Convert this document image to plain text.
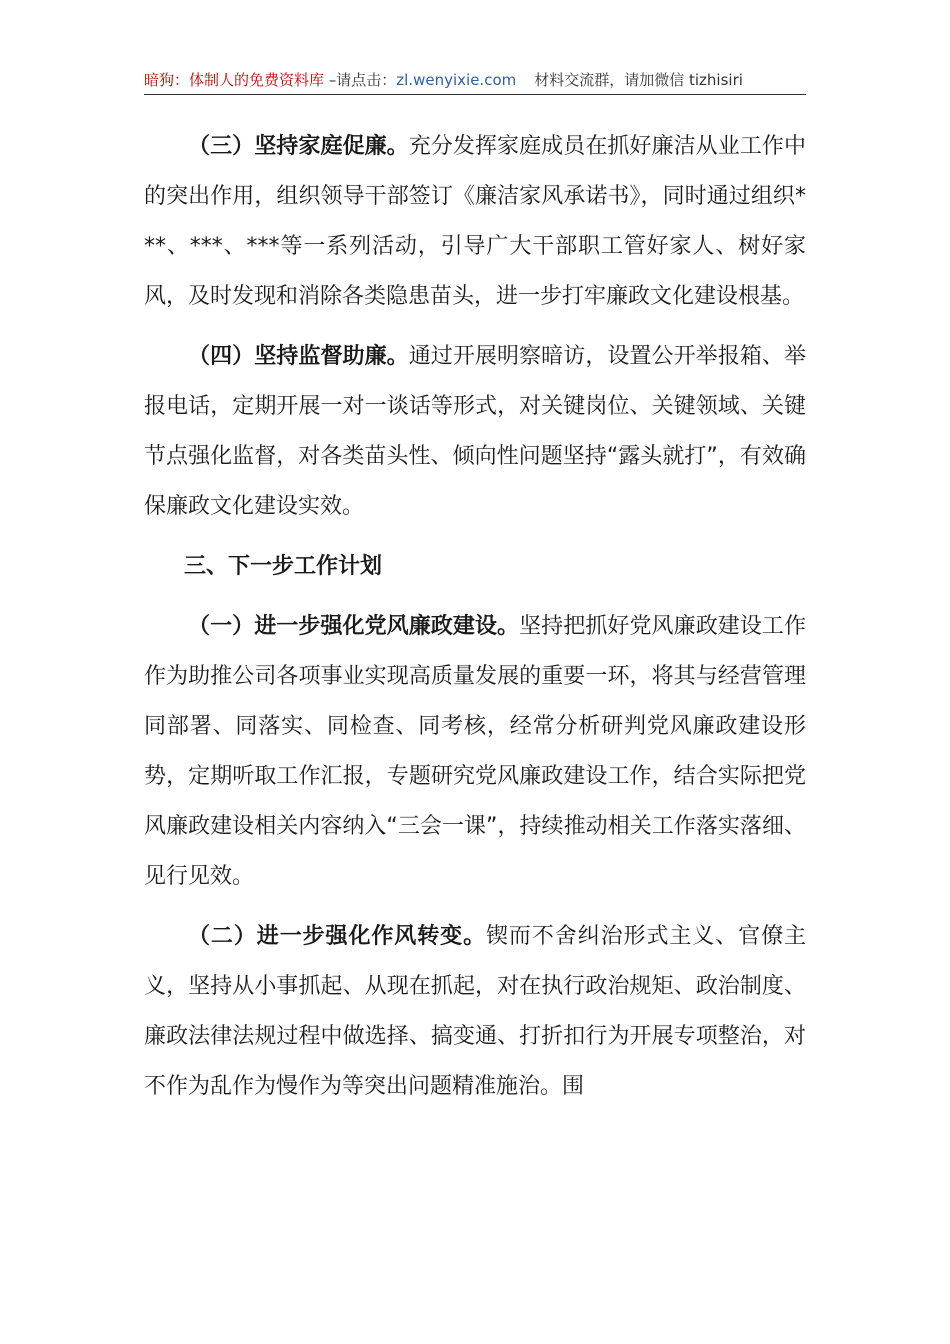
暗狗：体制人的免费资料库 –请点击：zl.wenyixie.com 材料交流群，请加微信 tizhisiri

（三）坚持家庭促廉。充分发挥家庭成员在抓好廉洁从业工作中的突出作用，组织领导干部签订《廉洁家风承诺书》，同时通过组织***、***、***等一系列活动，引导广大干部职工管好家人、树好家风，及时发现和消除各类隐患苗头，进一步打牢廉政文化建设根基。

（四）坚持监督助廉。通过开展明察暗访，设置公开举报箱、举报电话，定期开展一对一谈话等形式，对关键岗位、关键领域、关键节点强化监督，对各类苗头性、倾向性问题坚持“露头就打”，有效确保廉政文化建设实效。

三、下一步工作计划

（一）进一步强化党风廉政建设。坚持把抓好党风廉政建设工作作为助推公司各项事业实现高质量发展的重要一环，将其与经营管理同部署、同落实、同检查、同考核，经常分析研判党风廉政建设形势，定期听取工作汇报，专题研究党风廉政建设工作，结合实际把党风廉政建设相关内容纳入“三会一课”，持续推动相关工作落实落细、见行见效。

（二）进一步强化作风转变。锲而不舍纠治形式主义、官僚主义，坚持从小事抓起、从现在抓起，对在执行政治规矩、政治制度、廉政法律法规过程中做选择、搞变通、打折扣行为开展专项整治，对不作为乱作为慢作为等突出问题精准施治。围
